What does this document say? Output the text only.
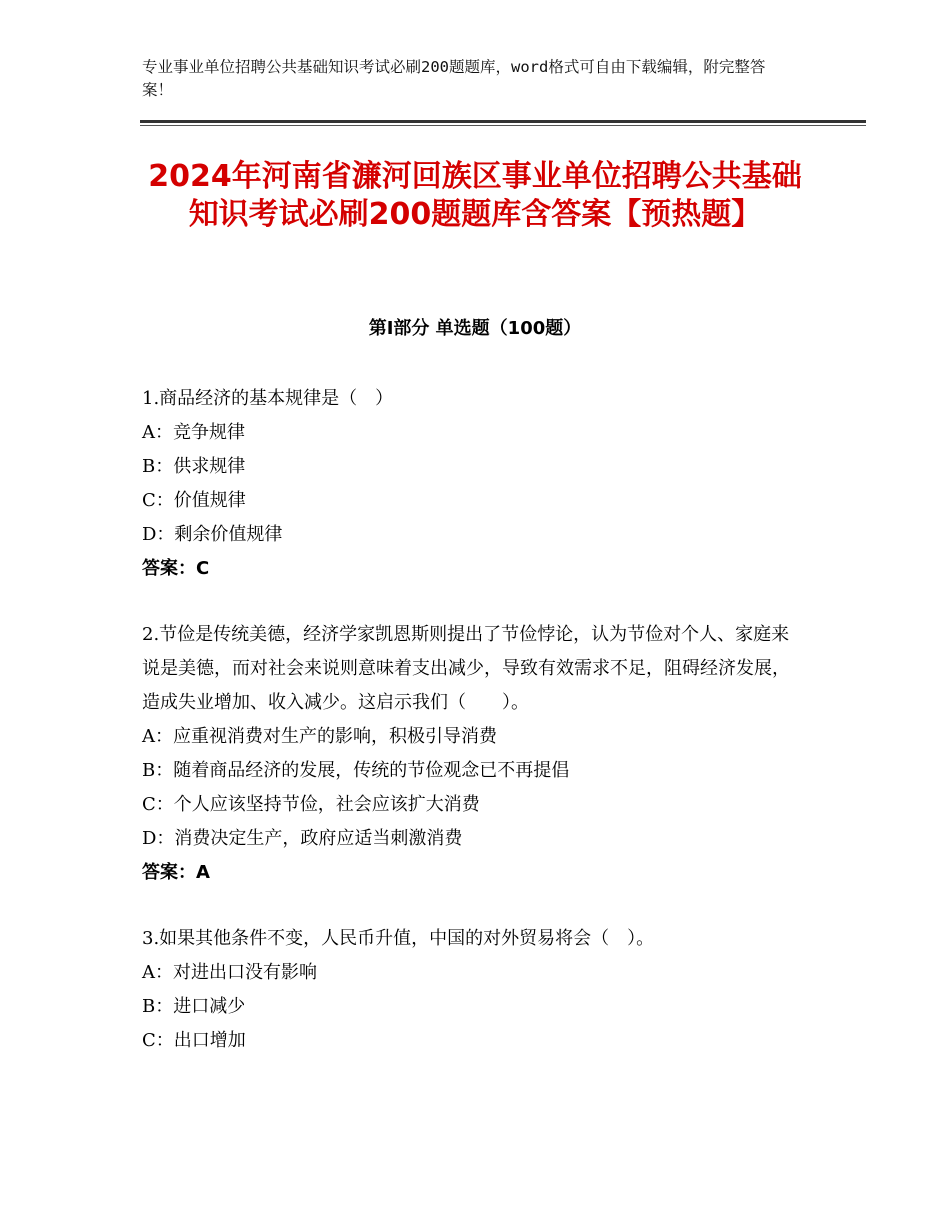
专业事业单位招聘公共基础知识考试必刷200题题库，word格式可自由下载编辑，附完整答案！
2024年河南省濂河回族区事业单位招聘公共基础知识考试必刷200题题库含答案【预热题】
第Ⅰ部分 单选题（100题）

1.商品经济的基本规律是（　）

A：竞争规律

B：供求规律

C：价值规律

D：剩余价值规律

答案：C

2.节俭是传统美德，经济学家凯恩斯则提出了节俭悖论，认为节俭对个人、家庭来说是美德，而对社会来说则意味着支出减少，导致有效需求不足，阻碍经济发展，造成失业增加、收入减少。这启示我们（　　）。

A：应重视消费对生产的影响，积极引导消费

B：随着商品经济的发展，传统的节俭观念已不再提倡

C：个人应该坚持节俭，社会应该扩大消费

D：消费决定生产，政府应适当刺激消费

答案：A

3.如果其他条件不变，人民币升值，中国的对外贸易将会（　）。

A：对进出口没有影响

B：进口减少

C：出口增加
